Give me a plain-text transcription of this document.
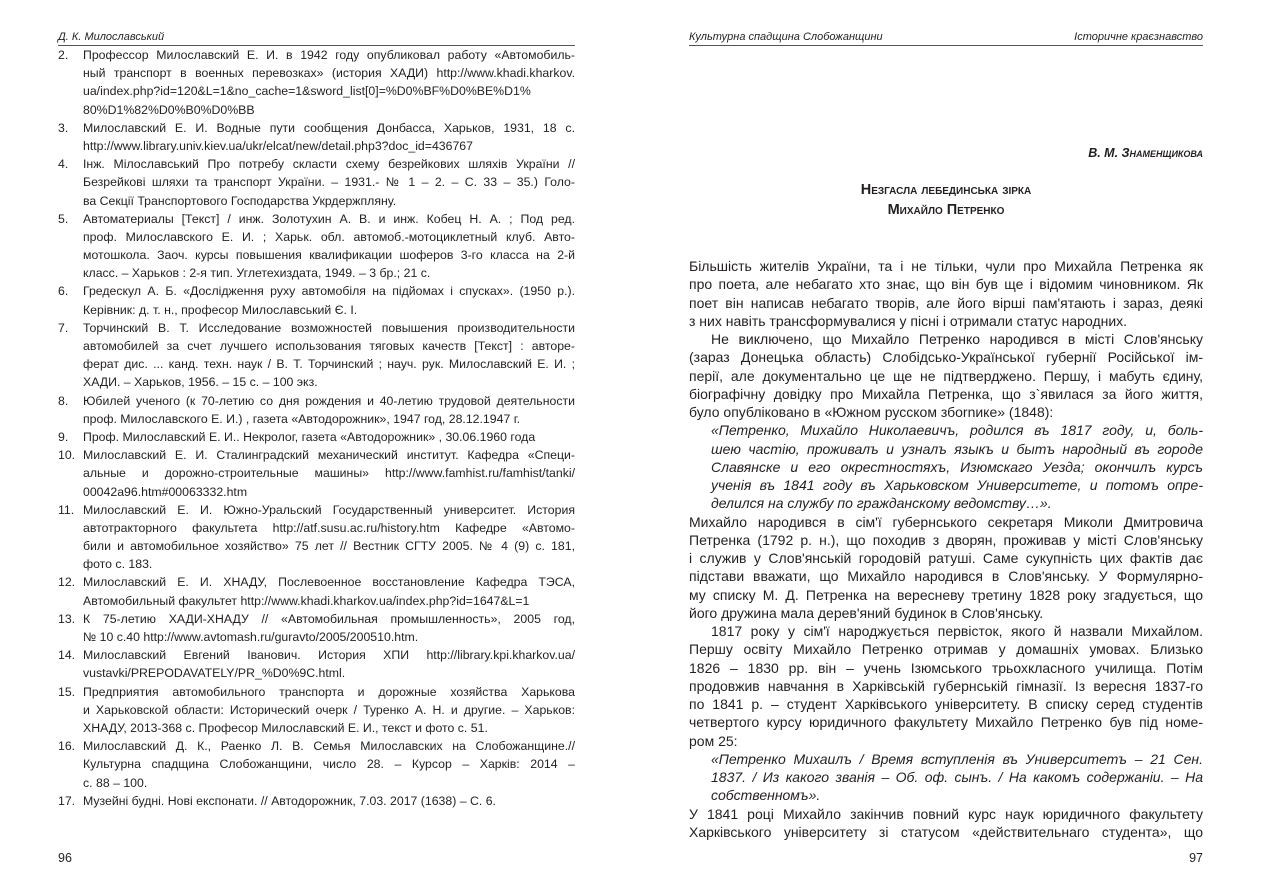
Д. К. Милославський
2. Профессор Милославский Е. И. в 1942 году опубликовал работу «Автомобиль-
ный транспорт в военных перевозках» (история ХАДИ) http://www.khadi.kharkov.
ua/index.php?id=120&L=1&no_cache=1&sword_list[0]=%D0%BF%D0%BE%D1%
80%D1%82%D0%B0%D0%BB
3. Милославский Е. И. Водные пути сообщения Донбасса, Харьков, 1931, 18 с.
http://www.library.univ.kiev.ua/ukr/elcat/new/detail.php3?doc_id=436767
4. Інж. Мілославський Про потребу скласти схему безрейкових шляхів України //
Безрейкові шляхи та транспорт України. – 1931.- № 1 – 2. – С. 33 – 35.) Голо-
ва Секції Транспортового Господарства Укрдержпляну.
5. Автоматериалы [Текст] / инж. Золотухин А. В. и инж. Кобец Н. А. ; Под ред.
проф. Милославского Е. И. ; Харьк. обл. автомоб.-мотоциклетный клуб. Авто-
мотошкола. Заоч. курсы повышения квалификации шоферов 3-го класса на 2-й
класс. – Харьков : 2-я тип. Углетехиздата, 1949. – 3 бр.; 21 с.
6. Гредескул А. Б. «Дослідження руху автомобіля на підйомах і спусках». (1950 р.).
Керівник: д. т. н., професор Милославський Є. І.
7. Торчинский В. Т. Исследование возможностей повышения производительности
автомобилей за счет лучшего использования тяговых качеств [Текст] : авторе-
ферат дис. ... канд. техн. наук / В. Т. Торчинский ; науч. рук. Милославский Е. И. ;
ХАДИ. – Харьков, 1956. – 15 с. – 100 экз.
8. Юбилей ученого (к 70-летию со дня рождения и 40-летию трудовой деятельности
проф. Милославского Е. И.) , газета «Автодорожник», 1947 год, 28.12.1947 г.
9. Проф. Милославский Е. И.. Некролог, газета «Автодорожник» , 30.06.1960 года
10. Милославский Е. И. Сталинградский механический институт. Кафедра «Специ-
альные и дорожно-строительные машины» http://www.famhist.ru/famhist/tanki/
00042a96.htm#00063332.htm
11. Милославский Е. И. Южно-Уральский Государственный университет. История
автотракторного факультета http://atf.susu.ac.ru/history.htm Кафедре «Автомо-
били и автомобильное хозяйство» 75 лет // Вестник СГТУ 2005. № 4 (9) с. 181,
фото с. 183.
12. Милославский Е. И. ХНАДУ, Послевоенное восстановление Кафедра ТЭСА,
Автомобильный факультет http://www.khadi.kharkov.ua/index.php?id=1647&L=1
13. К 75-летию ХАДИ-ХНАДУ // «Автомобильная промышленность», 2005 год,
№ 10 с.40 http://www.avtomash.ru/guravto/2005/200510.htm.
14. Милославский Евгений Іванович. История ХПИ http://library.kpi.kharkov.ua/
vustavki/PREPODAVATELY/PR_%D0%9C.html.
15. Предприятия автомобильного транспорта и дорожные хозяйства Харькова
и Харьковской области: Исторический очерк / Туренко А. Н. и другие. – Харьков:
ХНАДУ, 2013-368 с. Професор Милославский Е. И., текст и фото с. 51.
16. Милославский Д. К., Раенко Л. В. Семья Милославских на Слобожанщине.//
Культурна спадщина Слобожанщини, число 28. – Курсор – Харків: 2014 –
с. 88 – 100.
17. Музейні будні. Нові експонати. // Автодорожник, 7.03. 2017 (1638) – С. 6.
96
Культурна спадщина Слобожанщини	Історичне краєзнавство
В. М. Знаменщикова
Незгасла лебединська зірка
Михайло Петренко
Більшість жителів України, та і не тільки, чули про Михайла Петренка як
про поета, але небагато хто знає, що він був ще і відомим чиновником. Як
поет він написав небагато творів, але його вірші пам'ятають і зараз, деякі
з них навіть трансформувалися у пісні і отримали статус народних.
Не виключено, що Михайло Петренко народився в місті Слов'янську
(зараз Донецька область) Слобідсько-Української губернії Російської ім-
перії, але документально це ще не підтверджено. Першу, і мабуть єдину,
біографічну довідку про Михайла Петренка, що з`явилася за його життя,
було опубліковано в «Южном русском збornике» (1848):
«Петренко, Михайло Николаевичъ, родился въ 1817 году, и, боль-
шею частію, проживалъ и узналъ языкъ и бытъ народный въ городе
Славянске и его окрестностяхъ, Изюмскаго Уезда; окончилъ курсъ
ученія въ 1841 году въ Харьковском Университете, и потомъ опре-
делился на службу по гражданскому ведомству…».
Михайло народився в сім'ї губернського секретаря Миколи Дмитровича
Петренка (1792 р. н.), що походив з дворян, проживав у місті Слов'янську
і служив у Слов'янській городовій ратуші. Саме сукупність цих фактів дає
підстави вважати, що Михайло народився в Слов'янську. У Формулярно-
му списку М. Д. Петренка на вересневу третину 1828 року згадується, що
його дружина мала дерев'яний будинок в Слов'янську.
1817 року у сім'ї народжується первісток, якого й назвали Михайлом.
Першу освіту Михайло Петренко отримав у домашніх умовах. Близько
1826 – 1830 рр. він – учень Ізюмського трьохкласного училища. Потім
продовжив навчання в Харківській губернській гімназії. Із вересня 1837-го
по 1841 р. – студент Харківського університету. В списку серед студентів
четвертого курсу юридичного факультету Михайло Петренко був під номе-
ром 25:
«Петренко Михаилъ / Время вступленія въ Университетъ – 21 Сен.
1837. / Из какого званія – Об. оф. сынъ. / На какомъ содержаніи. – На
собственномъ».
У 1841 році Михайло закінчив повний курс наук юридичного факультету
Харківського університету зі статусом «действительнаго студента», що
97
